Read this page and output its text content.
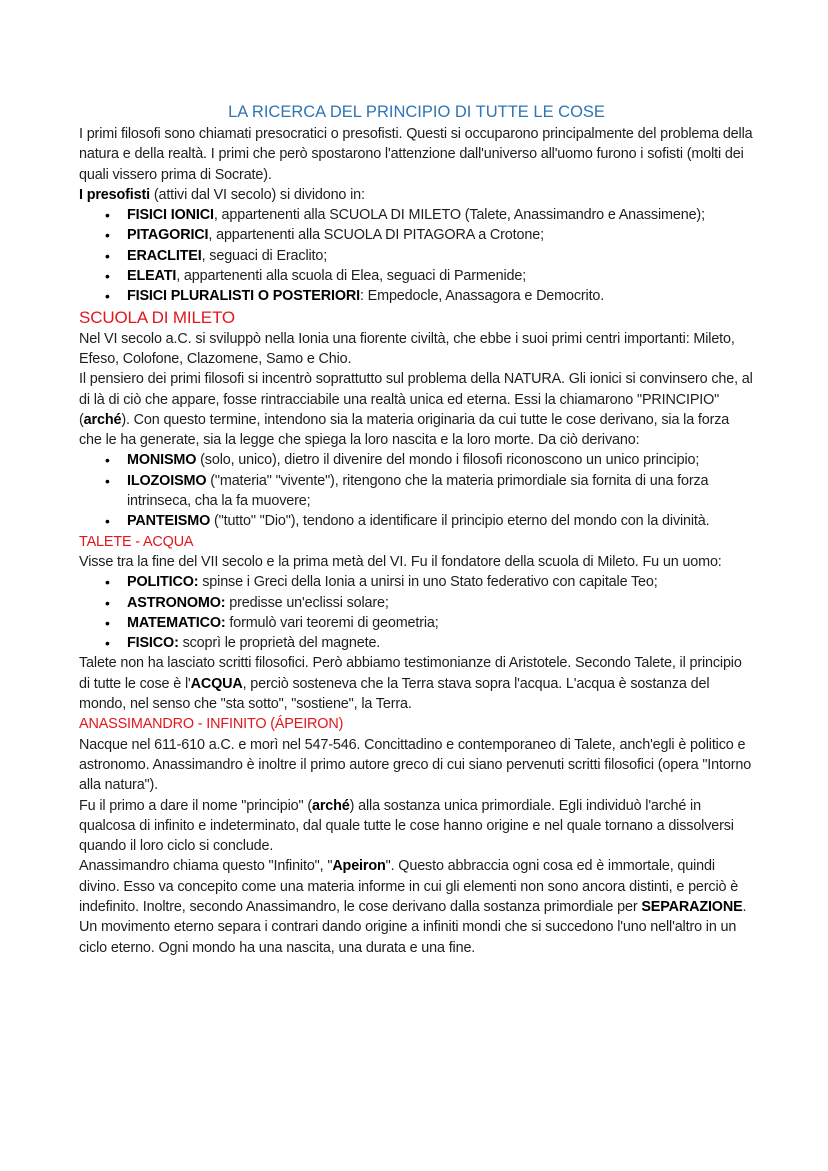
LA RICERCA DEL PRINCIPIO DI TUTTE LE COSE

I primi filosofi sono chiamati presocratici o presofisti. Questi si occuparono principalmente del problema della natura e della realtà. I primi che però spostarono l'attenzione dall'universo all'uomo furono i sofisti (molti dei quali vissero prima di Socrate).

I presofisti (attivi dal VI secolo) si dividono in:

• FISICI IONICI, appartenenti alla SCUOLA DI MILETO (Talete, Anassimandro e Anassimene);
• PITAGORICI, appartenenti alla SCUOLA DI PITAGORA a Crotone;
• ERACLITEI, seguaci di Eraclito;
• ELEATI, appartenenti alla scuola di Elea, seguaci di Parmenide;
• FISICI PLURALISTI O POSTERIORI: Empedocle, Anassagora e Democrito.
SCUOLA DI MILETO

Nel VI secolo a.C. si sviluppò nella Ionia una fiorente civiltà, che ebbe i suoi primi centri importanti: Mileto, Efeso, Colofone, Clazomene, Samo e Chio.

Il pensiero dei primi filosofi si incentrò soprattutto sul problema della NATURA. Gli ionici si convinsero che, al di là di ciò che appare, fosse rintracciabile una realtà unica ed eterna. Essi la chiamarono "PRINCIPIO" (arché). Con questo termine, intendono sia la materia originaria da cui tutte le cose derivano, sia la forza che le ha generate, sia la legge che spiega la loro nascita e la loro morte. Da ciò derivano:

• MONISMO (solo, unico), dietro il divenire del mondo i filosofi riconoscono un unico principio;
• ILOZOISMO ("materia" "vivente"), ritengono che la materia primordiale sia fornita di una forza intrinseca, cha la fa muovere;
• PANTEISMO ("tutto" "Dio"), tendono a identificare il principio eterno del mondo con la divinità.
TALETE - ACQUA

Visse tra la fine del VII secolo e la prima metà del VI. Fu il fondatore della scuola di Mileto. Fu un uomo:

• POLITICO: spinse i Greci della Ionia a unirsi in uno Stato federativo con capitale Teo;
• ASTRONOMO: predisse un'eclissi solare;
• MATEMATICO: formulò vari teoremi di geometria;
• FISICO: scoprì le proprietà del magnete.

Talete non ha lasciato scritti filosofici. Però abbiamo testimonianze di Aristotele. Secondo Talete, il principio di tutte le cose è l'ACQUA, perciò sosteneva che la Terra stava sopra l'acqua. L'acqua è sostanza del mondo, nel senso che "sta sotto", "sostiene", la Terra.

ANASSIMANDRO - INFINITO (ÁPEIRON)

Nacque nel 611-610 a.C. e morì nel 547-546. Concittadino e contemporaneo di Talete, anch'egli è politico e astronomo. Anassimandro è inoltre il primo autore greco di cui siano pervenuti scritti filosofici (opera "Intorno alla natura").

Fu il primo a dare il nome "principio" (arché) alla sostanza unica primordiale. Egli individuò l'arché in qualcosa di infinito e indeterminato, dal quale tutte le cose hanno origine e nel quale tornano a dissolversi quando il loro ciclo si conclude.

Anassimandro chiama questo "Infinito", "Apeiron". Questo abbraccia ogni cosa ed è immortale, quindi divino. Esso va concepito come una materia informe in cui gli elementi non sono ancora distinti, e perciò è indefinito. Inoltre, secondo Anassimandro, le cose derivano dalla sostanza primordiale per SEPARAZIONE. Un movimento eterno separa i contrari dando origine a infiniti mondi che si succedono l'uno nell'altro in un ciclo eterno. Ogni mondo ha una nascita, una durata e una fine.
